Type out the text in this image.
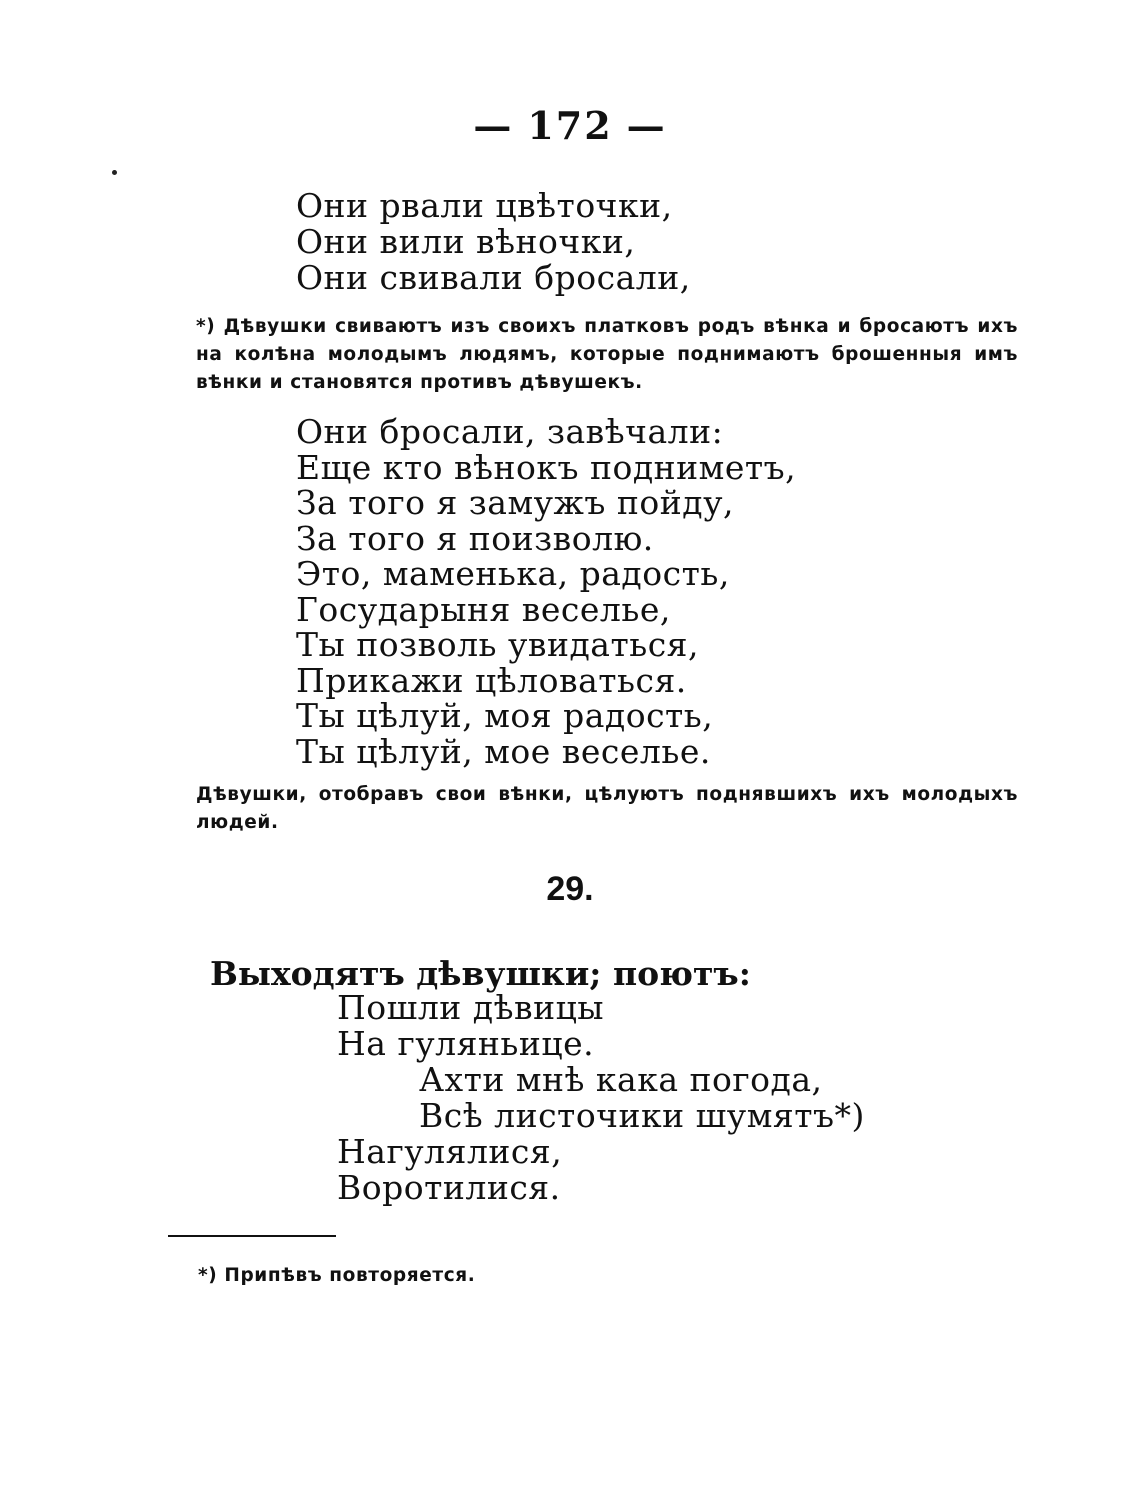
— 172 —
Они рвали цвѣточки,
Они вили вѣночки,
Они свивали бросали,
*) Дѣвушки свиваютъ изъ своихъ платковъ родъ вѣнка и бросаютъ ихъ на колѣна молодымъ людямъ, которые поднимаютъ брошенныя имъ вѣнки и становятся противъ дѣвушекъ.
Они бросали, завѣчали:
Еще кто вѣнокъ подниметъ,
За того я замужъ пойду,
За того я поизволю.
Это, маменька, радость,
Государыня веселье,
Ты позволь увидаться,
Прикажи цѣловаться.
Ты цѣлуй, моя радость,
Ты цѣлуй, мое веселье.
Дѣвушки, отобравъ свои вѣнки, цѣлуютъ поднявшихъ ихъ молодыхъ людей.
29.
Выходятъ дѣвушки; поютъ:
Пошли дѣвицы
На гуляньице.
Ахти мнѣ кака погода,
Всѣ листочики шумятъ*)
Нагулялися,
Воротилися.
*) Припѣвъ повторяется.
